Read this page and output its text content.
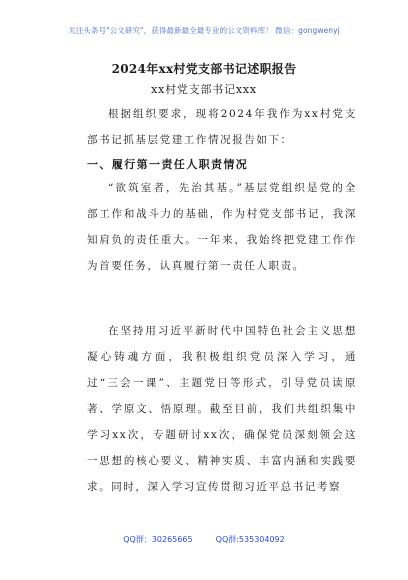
关注头条号"公文研究"，获得最新最全最专业的公文资料库！ 微信：gongwenyj
2024年xx村党支部书记述职报告
xx村党支部书记xxx

根据组织要求，现将2024年我作为xx村党支部书记抓基层党建工作情况报告如下：

一、履行第一责任人职责情况

“欲筑室者，先治其基。”基层党组织是党的全部工作和战斗力的基础，作为村党支部书记，我深知肩负的责任重大。一年来，我始终把党建工作作为首要任务，认真履行第一责任人职责。

在坚持用习近平新时代中国特色社会主义思想凝心铸魂方面，我积极组织党员深入学习，通过“三会一课”、主题党日等形式，引导党员读原著、学原文、悟原理。截至目前，我们共组织集中学习xx次，专题研讨xx次，确保党员深刻领会这一思想的核心要义、精神实质、丰富内涵和实践要求。同时，深入学习宣传贯彻习近平总书记考察

QQ群：30265665	QQ群:535304092
